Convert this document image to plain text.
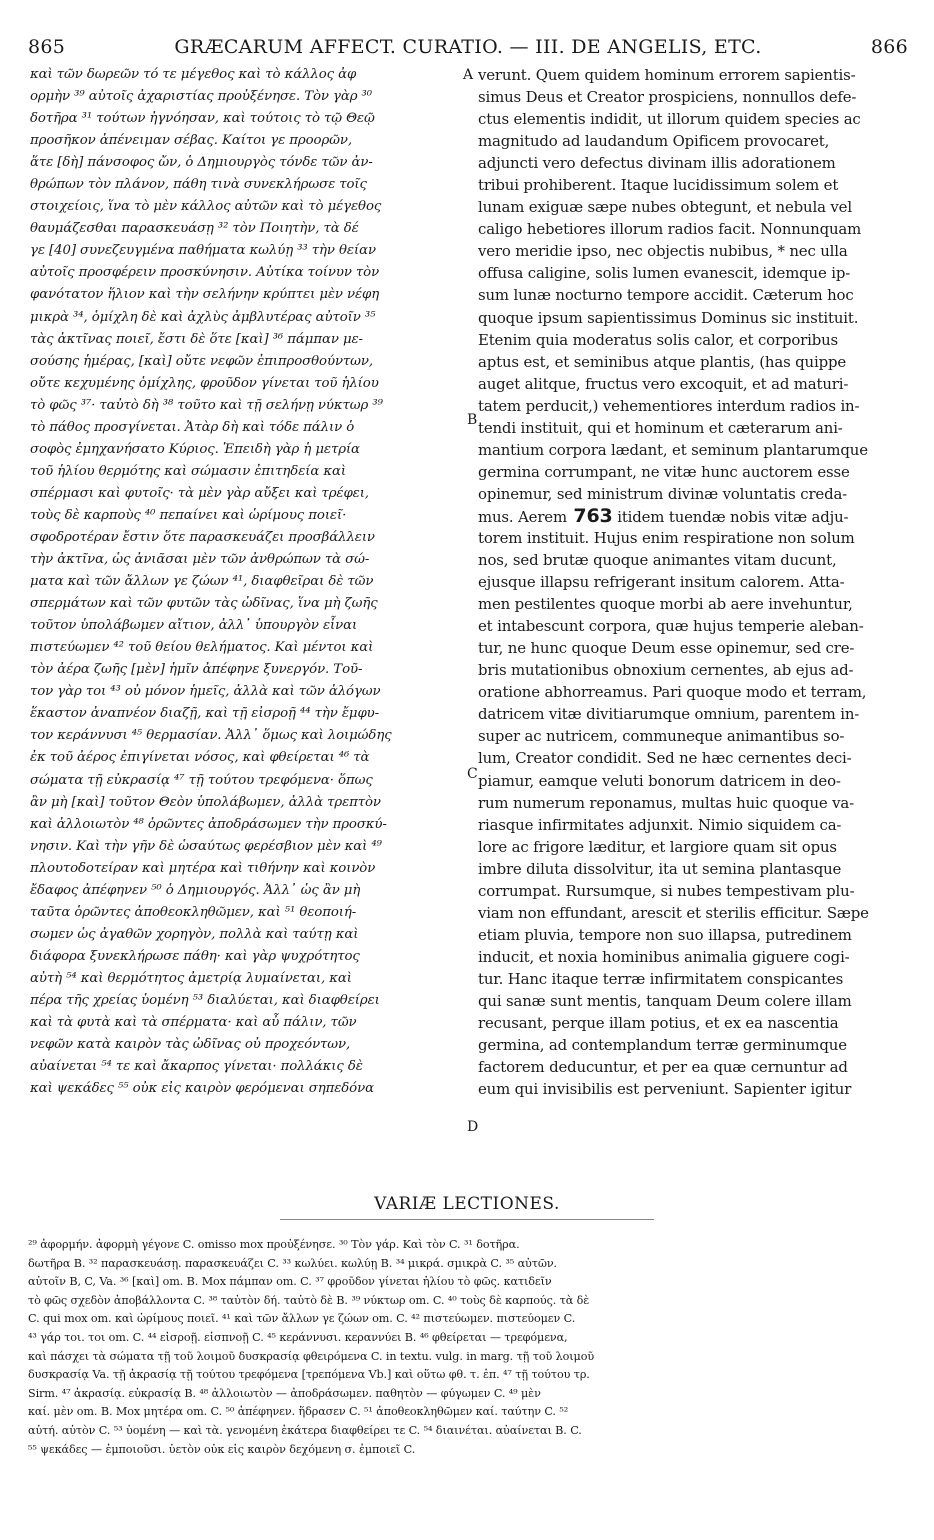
865	GRÆCARUM AFFECT. CURATIO. — III. DE ANGELIS, ETC.	866
καὶ τῶν δωρεῶν τό τε μέγεθος καὶ τὸ κάλλος ἀφ
ορμὴν ³⁹ αὐτοῖς ἀχαριστίας προὐξένησε. Τὸν γὰρ ³⁰
δοτῆρα ³¹ τούτων ἠγνόησαν, καὶ τούτοις τὸ τῷ Θεῷ
προσῆκον ἀπένειμαν σέβας. Καίτοι γε προορῶν,
ἅτε [δὴ] πάνσοφος ὤν, ὁ Δημιουργὸς τόνδε τῶν ἀν-
θρώπων τὸν πλάνον, πάθη τινὰ συνεκλήρωσε τοῖς
στοιχείοις, ἵνα τὸ μὲν κάλλος αὐτῶν καὶ τὸ μέγεθος
θαυμάζεσθαι παρασκευάσῃ ³² τὸν Ποιητὴν, τὰ δέ
γε [40] συνεζευγμένα παθήματα κωλύῃ ³³ τὴν θείαν
αὐτοῖς προσφέρειν προσκύνησιν. Αὐτίκα τοίνυν τὸν
φανότατον ἥλιον καὶ τὴν σελήνην κρύπτει μὲν νέφη
μικρὰ ³⁴, ὁμίχλη δὲ καὶ ἀχλὺς ἀμβλυτέρας αὐτοῖν ³⁵
τὰς ἀκτῖνας ποιεῖ, ἔστι δὲ ὅτε [καὶ] ³⁶ πάμπαν με-
σούσης ἡμέρας, [καὶ] οὔτε νεφῶν ἐπιπροσθούντων,
οὔτε κεχυμένης ὁμίχλης, φροῦδον γίνεται τοῦ ἡλίου
τὸ φῶς ³⁷· ταὐτὸ δὴ ³⁸ τοῦτο καὶ τῇ σελήνῃ νύκτωρ ³⁹
τὸ πάθος προσγίνεται. Ἀτὰρ δὴ καὶ τόδε πάλιν ὁ
σοφὸς ἐμηχανήσατο Κύριος. Ἐπειδὴ γὰρ ἡ μετρία
τοῦ ἡλίου θερμότης καὶ σώμασιν ἐπιτηδεία καὶ
σπέρμασι καὶ φυτοῖς· τὰ μὲν γὰρ αὔξει καὶ τρέφει,
τοὺς δὲ καρποὺς ⁴⁰ πεπαίνει καὶ ὡρίμους ποιεῖ·
σφοδροτέραν ἔστιν ὅτε παρασκευάζει προσβάλλειν
τὴν ἀκτῖνα, ὡς ἀνιᾶσαι μὲν τῶν ἀνθρώπων τὰ σώ-
ματα καὶ τῶν ἄλλων γε ζώων ⁴¹, διαφθεῖραι δὲ τῶν
σπερμάτων καὶ τῶν φυτῶν τὰς ὠδῖνας, ἵνα μὴ ζωῆς
τοῦτον ὑπολάβωμεν αἴτιον, ἀλλ᾽ ὑπουργὸν εἶναι
πιστεύωμεν ⁴² τοῦ θείου θελήματος. Καὶ μέντοι καὶ
τὸν ἀέρα ζωῆς [μὲν] ἡμῖν ἀπέφηνε ξυνεργόν. Τοῦ-
τον γὰρ τοι ⁴³ οὐ μόνον ἡμεῖς, ἀλλὰ καὶ τῶν ἀλόγων
ἕκαστον ἀναπνέον διαζῇ, καὶ τῇ εἰσροῇ ⁴⁴ τὴν ἔμφυ-
τον κεράννυσι ⁴⁵ θερμασίαν. Ἀλλ᾽ ὅμως καὶ λοιμώδης
ἐκ τοῦ ἀέρος ἐπιγίνεται νόσος, καὶ φθείρεται ⁴⁶ τὰ
σώματα τῇ εὐκρασίᾳ ⁴⁷ τῇ τούτου τρεφόμενα· ὅπως
ἂν μὴ [καὶ] τοῦτον Θεὸν ὑπολάβωμεν, ἀλλὰ τρεπτὸν
καὶ ἀλλοιωτὸν ⁴⁸ ὁρῶντες ἀποδράσωμεν τὴν προσκύ-
νησιν. Καὶ τὴν γῆν δὲ ὡσαύτως φερέσβιον μὲν καὶ ⁴⁹
πλουτοδοτείραν καὶ μητέρα καὶ τιθήνην καὶ κοινὸν
ἔδαφος ἀπέφηνεν ⁵⁰ ὁ Δημιουργός. Ἀλλ᾽ ὡς ἂν μὴ
ταῦτα ὁρῶντες ἀποθεοκληθῶμεν, καὶ ⁵¹ θεοποιή-
σωμεν ὡς ἀγαθῶν χορηγὸν, πολλὰ καὶ ταύτῃ καὶ
διάφορα ξυνεκλήρωσε πάθη· καὶ γὰρ ψυχρότητος
αὐτὴ ⁵⁴ καὶ θερμότητος ἀμετρίᾳ λυμαίνεται, καὶ
πέρα τῆς χρείας ὑομένη ⁵³ διαλύεται, καὶ διαφθείρει
καὶ τὰ φυτὰ καὶ τὰ σπέρματα· καὶ αὖ πάλιν, τῶν
νεφῶν κατὰ καιρὸν τὰς ὠδῖνας οὐ προχεόντων,
αὐαίνεται ⁵⁴ τε καὶ ἄκαρπος γίνεται· πολλάκις δὲ
καὶ ψεκάδες ⁵⁵ οὐκ εἰς καιρὸν φερόμεναι σηπεδόνα
verunt. Quem quidem hominum errorem sapientis-
simus Deus et Creator prospiciens, nonnullos defe-
ctus elementis indidit, ut illorum quidem species ac
magnitudo ad laudandum Opificem provocaret,
adjuncti vero defectus divinam illis adorationem
tribui prohiberent. Itaque lucidissimum solem et
lunam exiguæ sæpe nubes obtegunt, et nebula vel
caligo hebetiores illorum radios facit. Nonnunquam
vero meridie ipso, nec objectis nubibus, * nec ulla
offusa caligine, solis lumen evanescit, idemque ip-
sum lunæ nocturno tempore accidit. Cæterum hoc
quoque ipsum sapientissimus Dominus sic instituit.
Etenim quia moderatus solis calor, et corporibus
aptus est, et seminibus atque plantis, (has quippe
auget alitque, fructus vero excoquit, et ad maturi-
tatem perducit,) vehementiores interdum radios in-
tendi instituit, qui et hominum et cæterarum ani-
mantium corpora lædant, et seminum plantarumque
germina corrumpant, ne vitæ hunc auctorem esse
opinemur, sed ministrum divinæ voluntatis creda-
mus. Aerem 763 itidem tuendæ nobis vitæ adju-
torem instituit. Hujus enim respiratione non solum
nos, sed brutæ quoque animantes vitam ducunt,
ejusque illapsu refrigerant insitum calorem. Atta-
men pestilentes quoque morbi ab aere invehuntur,
et intabescunt corpora, quæ hujus temperie aleban-
tur, ne hunc quoque Deum esse opinemur, sed cre-
bris mutationibus obnoxium cernentes, ab ejus ad-
oratione abhorreamus. Pari quoque modo et terram,
datricem vitæ divitiarumque omnium, parentem in-
super ac nutricem, communeque animantibus so-
lum, Creator condidit. Sed ne hæc cernentes deci-
piamur, eamque veluti bonorum datricem in deo-
rum numerum reponamus, multas huic quoque va-
riasque infirmitates adjunxit. Nimio siquidem ca-
lore ac frigore læditur, et largiore quam sit opus
imbre diluta dissolvitur, ita ut semina plantasque
corrumpat. Rursumque, si nubes tempestivam plu-
viam non effundant, arescit et sterilis efficitur. Sæpe
etiam pluvia, tempore non suo illapsa, putredinem
inducit, et noxia hominibus animalia giguere cogi-
tur. Hanc itaque terræ infirmitatem conspicantes
qui sanæ sunt mentis, tanquam Deum colere illam
recusant, perque illam potius, et ex ea nascentia
germina, ad contemplandum terræ germinumque
factorem deducuntur, et per ea quæ cernuntur ad
eum qui invisibilis est perveniunt. Sapienter igitur
A
B
C
D
VARIÆ LECTIONES.
²⁹ ἀφορμήν. ἀφορμὴ γέγονε C. omisso mox προὐξένησε. ³⁰ Τὸν γάρ. Καὶ τὸν C. ³¹ δοτῆρα.
δωτῆρα B. ³² παρασκευάσῃ. παρασκευάζει C. ³³ κωλύει. κωλύῃ B. ³⁴ μικρά. σμικρὰ C. ³⁵ αὐτῶν.
αὐτοῖν B, C, Va. ³⁶ [καὶ] om. B. Mox πάμπαν om. C. ³⁷ φροῦδον γίνεται ἡλίου τὸ φῶς. κατιδεῖν
τὸ φῶς σχεδὸν ἀποβάλλοντα C. ³⁸ ταὐτὸν δή. ταὐτὸ δὲ B. ³⁹ νύκτωρ om. C. ⁴⁰ τοὺς δὲ καρπούς. τὰ δὲ
C. qui mox om. καὶ ὡρίμους ποιεῖ. ⁴¹ καὶ τῶν ἄλλων γε ζώων om. C. ⁴² πιστεύωμεν. πιστεύομεν C.
⁴³ γάρ τοι. τοι om. C. ⁴⁴ εἰσροῇ. εἰσπνοῇ C. ⁴⁵ κεράννυσι. κεραννύει B. ⁴⁶ φθείρεται — τρεφόμενα,
καὶ πάσχει τὰ σώματα τῇ τοῦ λοιμοῦ δυσκρασίᾳ φθειρόμενα C. in textu. vulg. in marg. τῇ τοῦ λοιμοῦ
δυσκρασίᾳ Va. τῇ ἀκρασίᾳ τῇ τούτου τρεφόμενα [τρεπόμενα Vb.] καὶ οὕτω φθ. τ. ἐπ. ⁴⁷ τῇ τούτου τρ.
Sirm. ⁴⁷ ἀκρασίᾳ. εὐκρασίᾳ B. ⁴⁸ ἀλλοιωτὸν — ἀποδράσωμεν. παθητὸν — φύγωμεν C. ⁴⁹ μὲν
καί. μὲν om. B. Mox μητέρα om. C. ⁵⁰ ἀπέφηνεν. ἥδρασεν C. ⁵¹ ἀποθεοκληθῶμεν καί. ταύτην C. ⁵²
αὐτή. αὐτὸν C. ⁵³ ὑομένη — καὶ τὰ. γενομένη ἑκάτερα διαφθείρει τε C. ⁵⁴ διαινέται. αὐαίνεται B. C.
⁵⁵ ψεκάδες — ἐμποιοῦσι. ὑετὸν οὐκ εἰς καιρὸν δεχόμενη σ. ἐμποιεῖ C.
